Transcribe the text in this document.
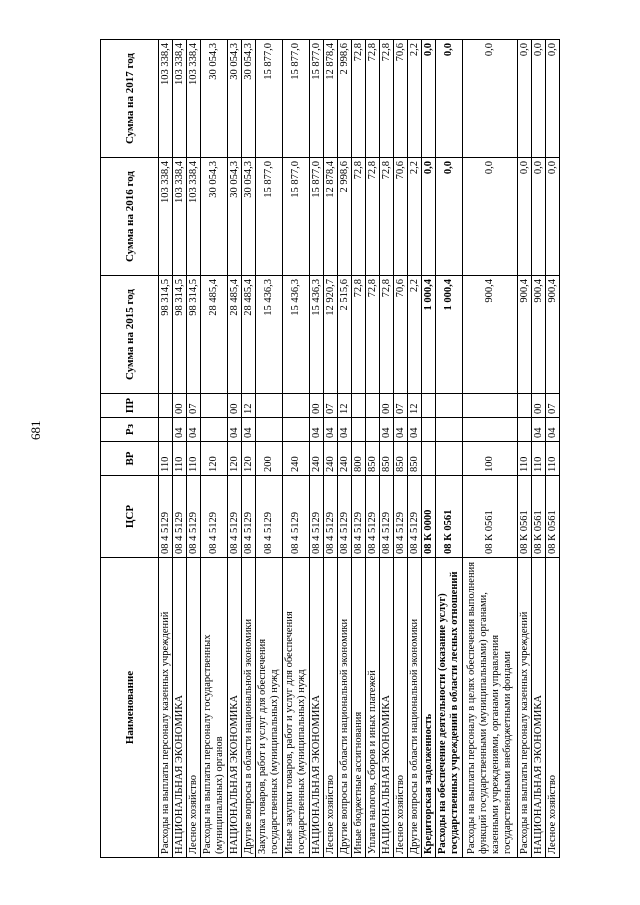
681
Наименование	ЦСР	ВР	Рз	ПР	Сумма на 2015 год	Сумма на 2016 год	Сумма на 2017 год
Расходы на выплаты персоналу казенных учреждений	08 4 5129	110			98 314,5	103 338,4	103 338,4
НАЦИОНАЛЬНАЯ ЭКОНОМИКА	08 4 5129	110	04	00	98 314,5	103 338,4	103 338,4
Лесное хозяйство	08 4 5129	110	04	07	98 314,5	103 338,4	103 338,4
Расходы на выплаты персоналу государственных (муниципальных) органов	08 4 5129	120			28 485,4	30 054,3	30 054,3
НАЦИОНАЛЬНАЯ ЭКОНОМИКА	08 4 5129	120	04	00	28 485,4	30 054,3	30 054,3
Другие вопросы в области национальной экономики	08 4 5129	120	04	12	28 485,4	30 054,3	30 054,3
Закупка товаров, работ и услуг для обеспечения государственных (муниципальных) нужд	08 4 5129	200			15 436,3	15 877,0	15 877,0
Иные закупки товаров, работ и услуг для обеспечения государственных (муниципальных) нужд	08 4 5129	240			15 436,3	15 877,0	15 877,0
НАЦИОНАЛЬНАЯ ЭКОНОМИКА	08 4 5129	240	04	00	15 436,3	15 877,0	15 877,0
Лесное хозяйство	08 4 5129	240	04	07	12 920,7	12 878,4	12 878,4
Другие вопросы в области национальной экономики	08 4 5129	240	04	12	2 515,6	2 998,6	2 998,6
Иные бюджетные ассигнования	08 4 5129	800			72,8	72,8	72,8
Уплата налогов, сборов и иных платежей	08 4 5129	850			72,8	72,8	72,8
НАЦИОНАЛЬНАЯ ЭКОНОМИКА	08 4 5129	850	04	00	72,8	72,8	72,8
Лесное хозяйство	08 4 5129	850	04	07	70,6	70,6	70,6
Другие вопросы в области национальной экономики	08 4 5129	850	04	12	2,2	2,2	2,2
Кредиторская задолженность	08 К 0000				1 000,4	0,0	0,0
Расходы на обеспечение деятельности (оказание услуг) государственных учреждений в области лесных отношений	08 К 0561				1 000,4	0,0	0,0
Расходы на выплаты персоналу в целях обеспечения выполнения функций государственными (муниципальными) органами, казенными учреждениями, органами управления государственными внебюджетными фондами	08 К 0561	100			900,4	0,0	0,0
Расходы на выплаты персоналу казенных учреждений	08 К 0561	110			900,4	0,0	0,0
НАЦИОНАЛЬНАЯ ЭКОНОМИКА	08 К 0561	110	04	00	900,4	0,0	0,0
Лесное хозяйство	08 К 0561	110	04	07	900,4	0,0	0,0
